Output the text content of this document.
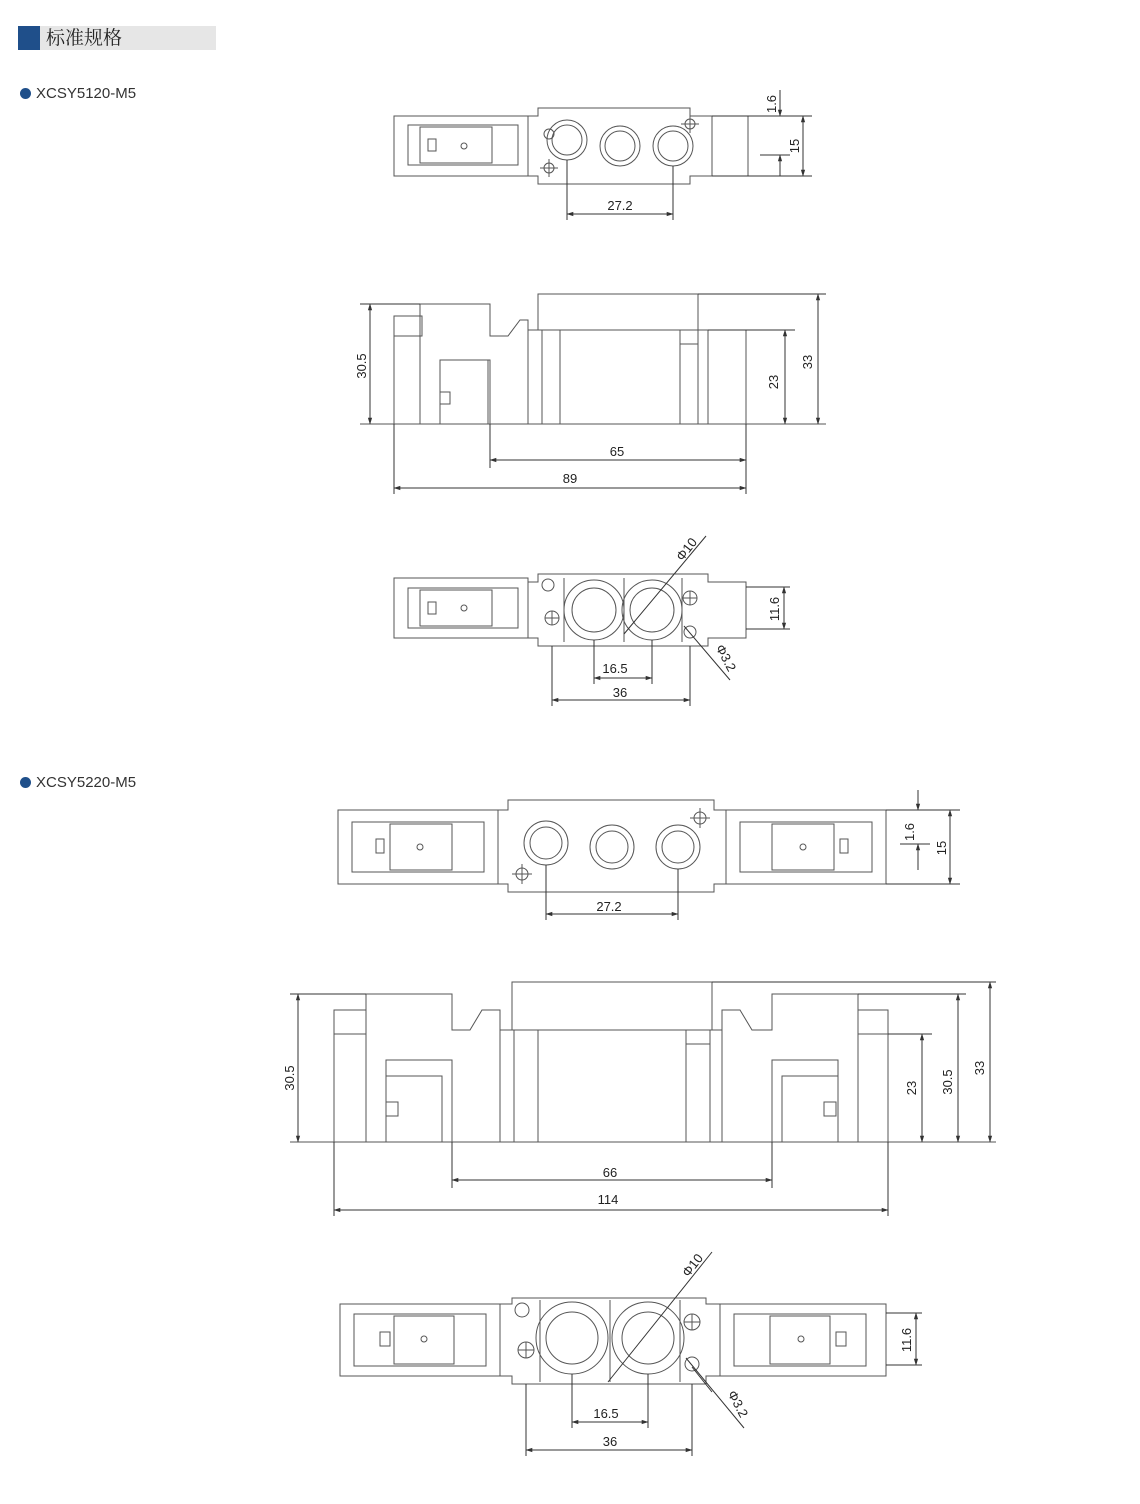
标准规格
XCSY5120-M5
XCSY5220-M5
1.6
15
27.2
30.5
23
33
65
89
Φ10
11.6
Φ3.2
16.5
36
1.6
15
27.2
30.5	23 30.5
33
66
114
Φ10
11.6
Φ3.2
16.5
36
